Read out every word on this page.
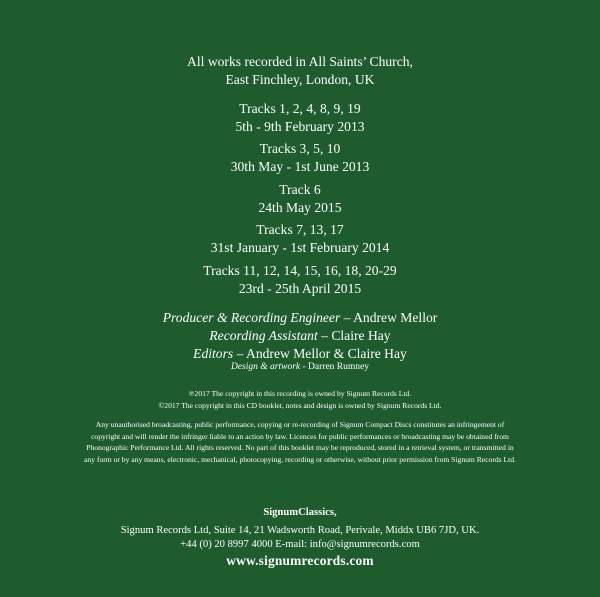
All works recorded in All Saints’ Church,
East Finchley, London, UK
Tracks 1, 2, 4, 8, 9, 19
5th - 9th February 2013
Tracks 3, 5, 10
30th May - 1st June 2013
Track 6
24th May 2015
Tracks 7, 13, 17
31st January - 1st February 2014
Tracks 11, 12, 14, 15, 16, 18, 20-29
23rd - 25th April 2015
Producer & Recording Engineer – Andrew Mellor
Recording Assistant – Claire Hay
Editors – Andrew Mellor & Claire Hay
Design & artwork - Darren Rumney
℗2017 The copyright in this recording is owned by Signum Records Ltd.
©2017 The copyright in this CD booklet, notes and design is owned by Signum Records Ltd.
Any unauthorised broadcasting, public performance, copying or re-recording of Signum Compact Discs constitutes an infringement of
copyright and will render the infringer liable to an action by law. Licences for public performances or broadcasting may be obtained from
Phonographic Performance Ltd. All rights reserved. No part of this booklet may be reproduced, stored in a retrieval system, or transmitted in
any form or by any means, electronic, mechanical, photocopying, recording or otherwise, without prior permission from Signum Records Ltd.
SignumClassics,
Signum Records Ltd, Suite 14, 21 Wadsworth Road, Perivale, Middx UB6 7JD, UK.
+44 (0) 20 8997 4000 E-mail: info@signumrecords.com
www.signumrecords.com
